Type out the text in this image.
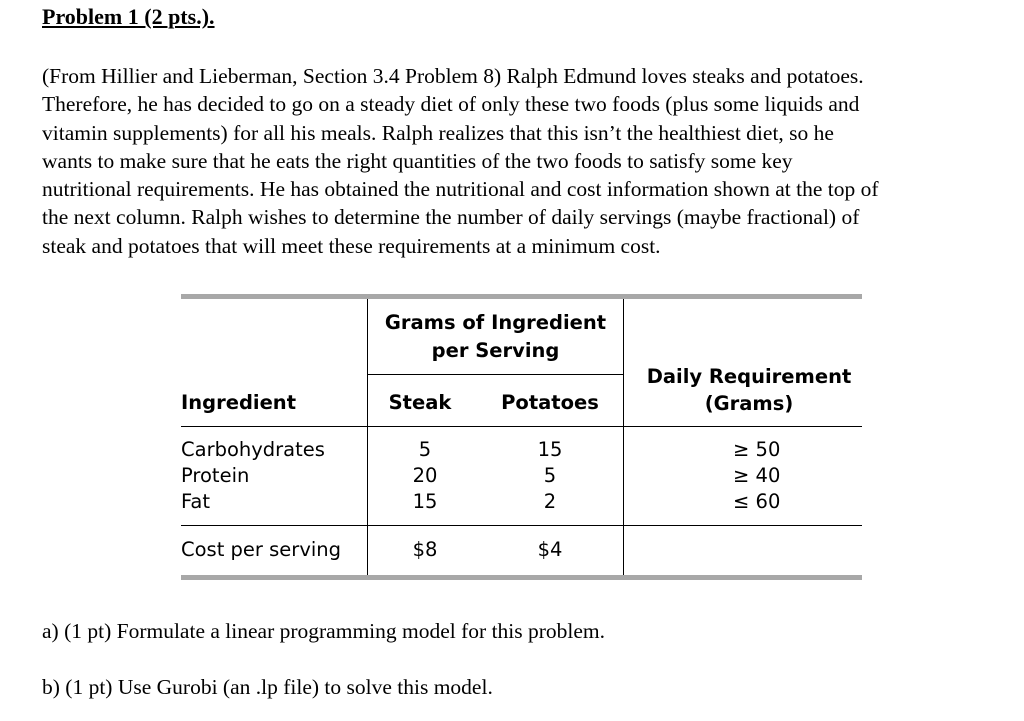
Problem 1 (2 pts.).
(From Hillier and Lieberman, Section 3.4 Problem 8) Ralph Edmund loves steaks and potatoes.
Therefore, he has decided to go on a steady diet of only these two foods (plus some liquids and
vitamin supplements) for all his meals. Ralph realizes that this isn’t the healthiest diet, so he
wants to make sure that he eats the right quantities of the two foods to satisfy some key
nutritional requirements. He has obtained the nutritional and cost information shown at the top of
the next column. Ralph wishes to determine the number of daily servings (maybe fractional) of
steak and potatoes that will meet these requirements at a minimum cost.
Grams of Ingredient
per Serving
Ingredient	Steak	Potatoes
Daily Requirement
(Grams)
Carbohydrates	5	15	≥ 50
Protein	20	5	≥ 40
Fat	15	2	≤ 60
Cost per serving	$8	$4
a) (1 pt) Formulate a linear programming model for this problem.
b) (1 pt) Use Gurobi (an .lp file) to solve this model.
